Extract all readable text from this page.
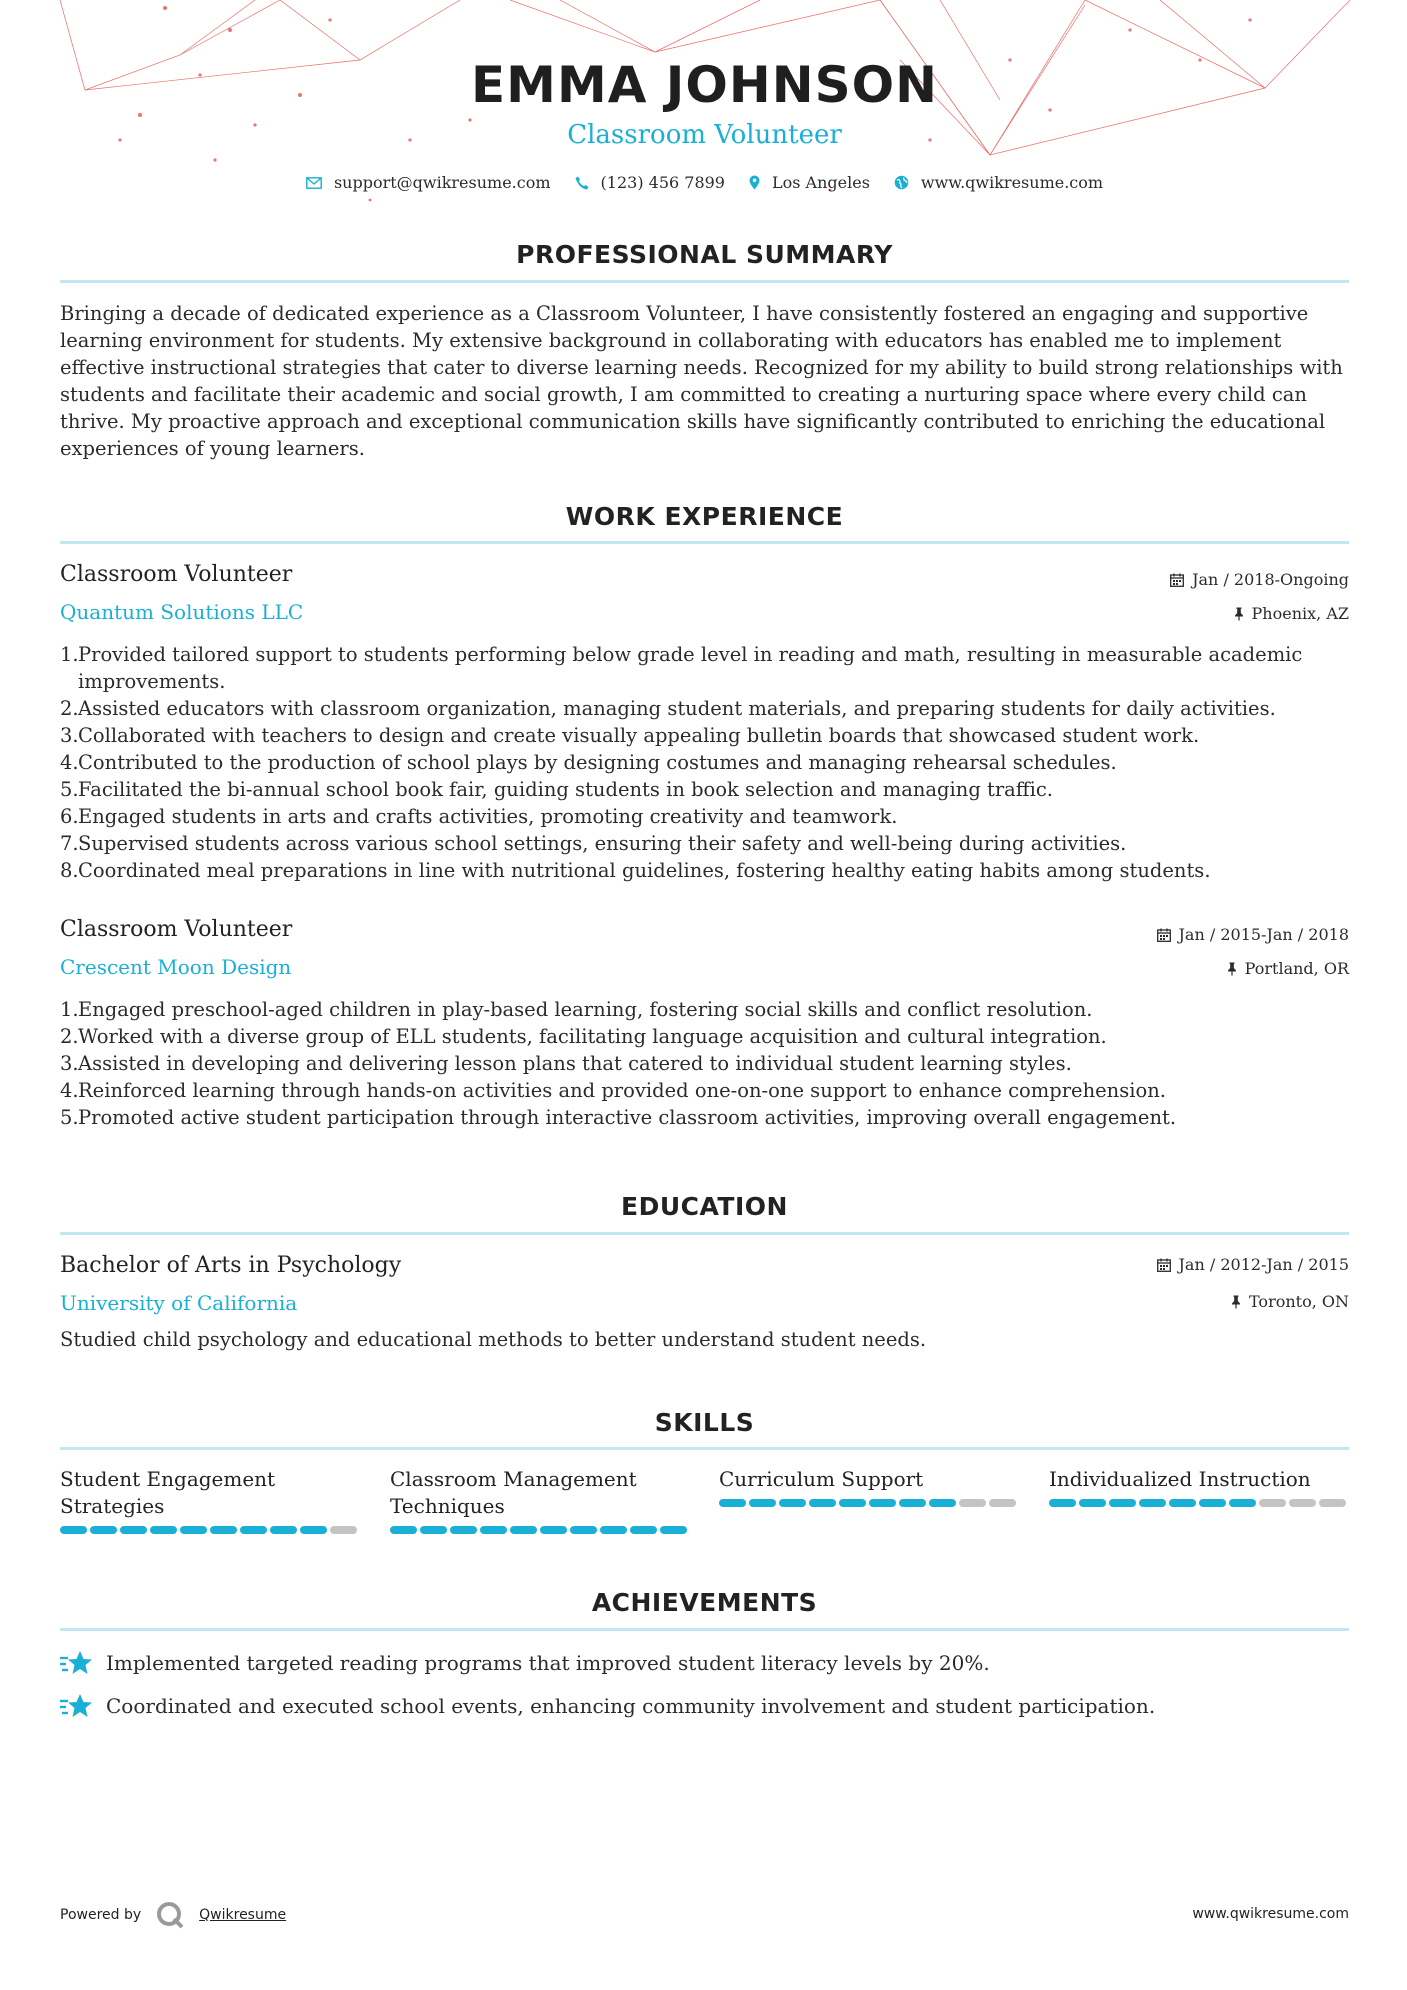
EMMA JOHNSON
Classroom Volunteer
support@qwikresume.com	(123) 456 7899	Los Angeles	www.qwikresume.com
PROFESSIONAL SUMMARY

Bringing a decade of dedicated experience as a Classroom Volunteer, I have consistently fostered an engaging and supportive learning environment for students. My extensive background in collaborating with educators has enabled me to implement effective instructional strategies that cater to diverse learning needs. Recognized for my ability to build strong relationships with students and facilitate their academic and social growth, I am committed to creating a nurturing space where every child can thrive. My proactive approach and exceptional communication skills have significantly contributed to enriching the educational experiences of young learners.

WORK EXPERIENCE
Classroom Volunteer
Quantum Solutions LLC
Jan / 2018-Ongoing
Phoenix, AZ
1. Provided tailored support to students performing below grade level in reading and math, resulting in measurable academic improvements.
2. Assisted educators with classroom organization, managing student materials, and preparing students for daily activities.
3. Collaborated with teachers to design and create visually appealing bulletin boards that showcased student work.
4. Contributed to the production of school plays by designing costumes and managing rehearsal schedules.
5. Facilitated the bi-annual school book fair, guiding students in book selection and managing traffic.
6. Engaged students in arts and crafts activities, promoting creativity and teamwork.
7. Supervised students across various school settings, ensuring their safety and well-being during activities.
8. Coordinated meal preparations in line with nutritional guidelines, fostering healthy eating habits among students.
Classroom Volunteer
Crescent Moon Design
Jan / 2015-Jan / 2018
Portland, OR
1. Engaged preschool-aged children in play-based learning, fostering social skills and conflict resolution.
2. Worked with a diverse group of ELL students, facilitating language acquisition and cultural integration.
3. Assisted in developing and delivering lesson plans that catered to individual student learning styles.
4. Reinforced learning through hands-on activities and provided one-on-one support to enhance comprehension.
5. Promoted active student participation through interactive classroom activities, improving overall engagement.
EDUCATION
Bachelor of Arts in Psychology
University of California
Jan / 2012-Jan / 2015
Toronto, ON
Studied child psychology and educational methods to better understand student needs.
SKILLS
Student Engagement
Strategies
Classroom Management
Techniques
Curriculum Support	Individualized Instruction
ACHIEVEMENTS
Implemented targeted reading programs that improved student literacy levels by 20%.
Coordinated and executed school events, enhancing community involvement and student participation.
Powered by	Qwikresume	www.qwikresume.com
